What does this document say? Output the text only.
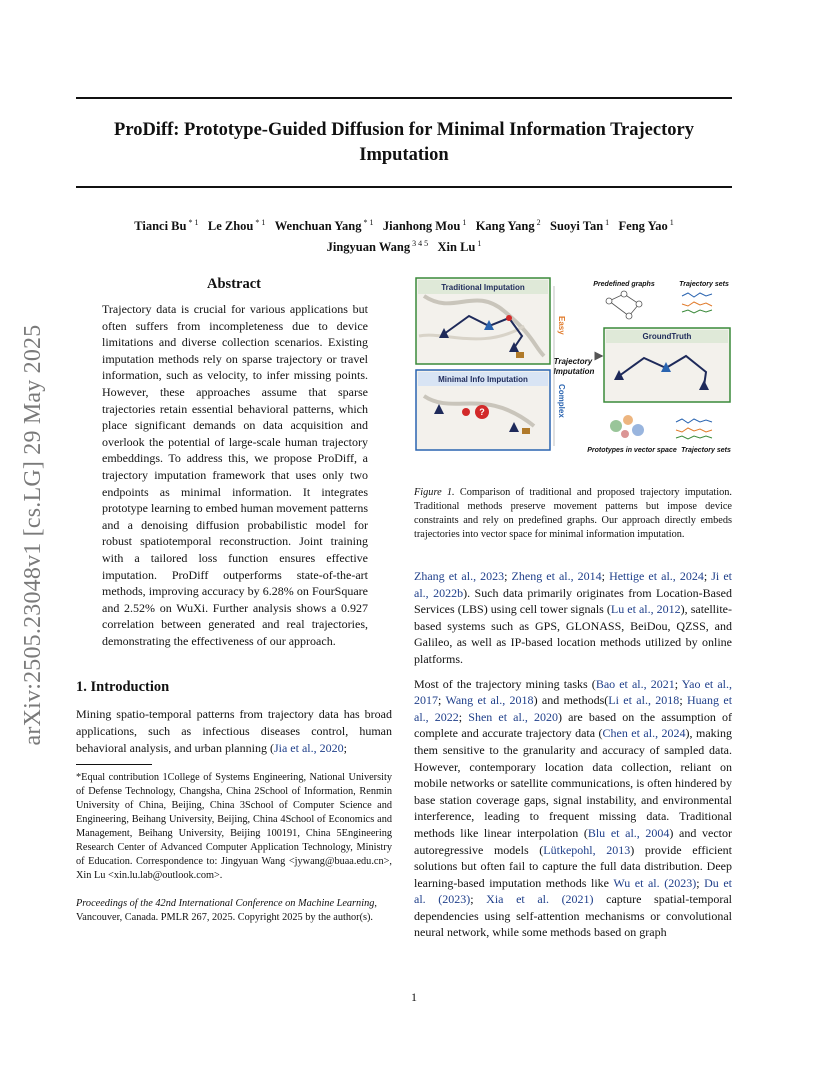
ProDiff: Prototype-Guided Diffusion for Minimal Information Trajectory Imputation
Tianci Bu $^{* 1}$ Le Zhou $^{* 1}$ Wenchuan Yang $^{* 1}$ Jianhong Mou $^1$ Kang Yang $^2$ Suoyi Tan $^1$ Feng Yao $^1$
Jingyuan Wang $^{3 4 5}$ Xin Lu $^1$
arXiv:2505.23048v1 [cs.LG] 29 May 2025
Abstract
Trajectory data is crucial for various applications but often suffers from incompleteness due to device limitations and diverse collection scenarios. Existing imputation methods rely on sparse trajectory or travel information, such as velocity, to infer missing points. However, these approaches assume that sparse trajectories retain essential behavioral patterns, which place significant demands on data acquisition and overlook the potential of large-scale human trajectory embeddings. To address this, we propose ProDiff, a trajectory imputation framework that uses only two endpoints as minimal information. It integrates prototype learning to embed human movement patterns and a denoising diffusion probabilistic model for robust spatiotemporal reconstruction. Joint training with a tailored loss function ensures effective imputation. ProDiff outperforms state-of-the-art methods, improving accuracy by 6.28% on FourSquare and 2.52% on WuXi. Further analysis shows a 0.927 correlation between generated and real trajectories, demonstrating the effectiveness of our approach.
1. Introduction
Mining spatio-temporal patterns from trajectory data has broad applications, such as infectious diseases control, human behavioral analysis, and urban planning (Jia et al., 2020;
*Equal contribution 1College of Systems Engineering, National University of Defense Technology, Changsha, China 2School of Information, Renmin University of China, Beijing, China 3School of Computer Science and Engineering, Beihang University, Beijing, China 4School of Economics and Management, Beihang University, Beijing 100191, China 5Engineering Research Center of Advanced Computer Application Technology, Ministry of Education. Correspondence to: Jingyuan Wang <jywang@buaa.edu.cn>, Xin Lu <xin.lu.lab@outlook.com>.
Proceedings of the 42nd International Conference on Machine Learning, Vancouver, Canada. PMLR 267, 2025. Copyright 2025 by the author(s).
Traditional Imputation
Minimal Info Imputation
?
Easy
Trajectory Imputation
Complex
Predefined graphs	Trajectory sets
GroundTruth
Prototypes in vector space Trajectory sets
Figure 1. Comparison of traditional and proposed trajectory imputation. Traditional methods preserve movement patterns but impose device constraints and rely on predefined graphs. Our approach directly embeds trajectories into vector space for minimal information imputation.
Zhang et al., 2023; Zheng et al., 2014; Hettige et al., 2024; Ji et al., 2022b). Such data primarily originates from Location-Based Services (LBS) using cell tower signals (Lu et al., 2012), satellite-based systems such as GPS, GLONASS, BeiDou, QZSS, and Galileo, as well as IP-based location methods utilized by online platforms.
Most of the trajectory mining tasks (Bao et al., 2021; Yao et al., 2017; Wang et al., 2018) and methods(Li et al., 2018; Huang et al., 2022; Shen et al., 2020) are based on the assumption of complete and accurate trajectory data (Chen et al., 2024), making them sensitive to the granularity and accuracy of sampled data. However, contemporary location data collection, reliant on mobile networks or satellite communications, is often hindered by base station coverage gaps, signal instability, and environmental interference, leading to frequent missing data. Traditional methods like linear interpolation (Blu et al., 2004) and vector autoregressive models (Lütkepohl, 2013) provide efficient solutions but often fail to capture the full data distribution. Deep learning-based imputation methods like Wu et al. (2023); Du et al. (2023); Xia et al. (2021) capture spatial-temporal dependencies using self-attention mechanisms or convolutional neural network, while some methods based on graph
1
